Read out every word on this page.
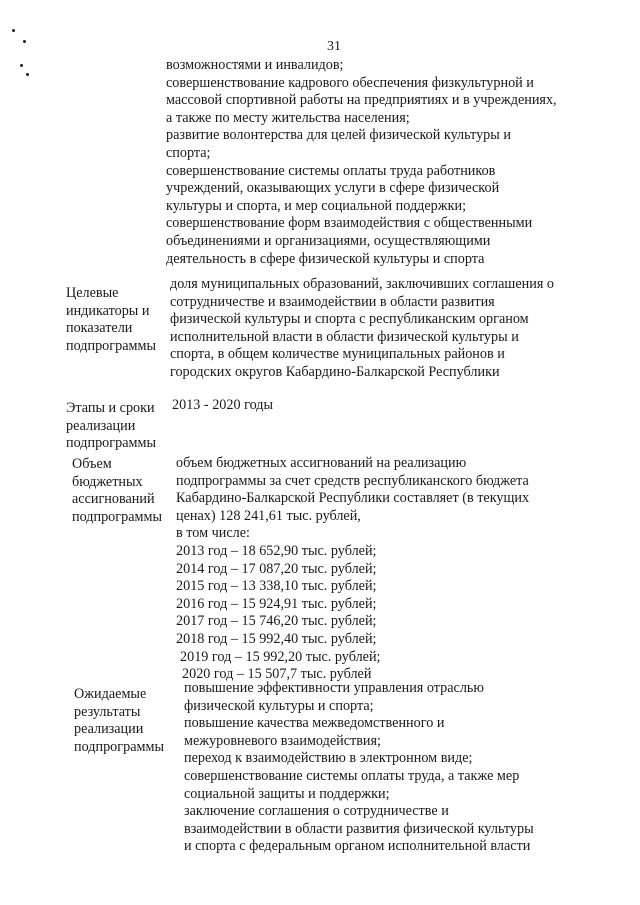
31
возможностями и инвалидов;
совершенствование кадрового обеспечения физкультурной и
массовой спортивной работы на предприятиях и в учреждениях,
а также по месту жительства населения;
развитие волонтерства для целей физической культуры и
спорта;
совершенствование системы оплаты труда работников
учреждений, оказывающих услуги в сфере физической
культуры и спорта, и мер социальной поддержки;
совершенствование форм взаимодействия с общественными
объединениями и организациями, осуществляющими
деятельность в сфере физической культуры и спорта
Целевые
индикаторы и
показатели
подпрограммы
доля муниципальных образований, заключивших соглашения о
сотрудничестве и взаимодействии в области развития
физической культуры и спорта с республиканским органом
исполнительной власти в области физической культуры и
спорта, в общем количестве муниципальных районов и
городских округов Кабардино-Балкарской Республики
Этапы и сроки
реализации
подпрограммы
2013 - 2020 годы
Объем
бюджетных
ассигнований
подпрограммы
объем бюджетных ассигнований на реализацию
подпрограммы за счет средств республиканского бюджета
Кабардино-Балкарской Республики составляет (в текущих
ценах) 128 241,61 тыс. рублей,
в том числе:
2013 год – 18 652,90 тыс. рублей;
2014 год – 17 087,20 тыс. рублей;
2015 год – 13 338,10 тыс. рублей;
2016 год – 15 924,91 тыс. рублей;
2017 год – 15 746,20 тыс. рублей;
2018 год – 15 992,40 тыс. рублей;
2019 год – 15 992,20 тыс. рублей;
2020 год – 15 507,7 тыс. рублей
Ожидаемые
результаты
реализации
подпрограммы
повышение эффективности управления отраслью
физической культуры и спорта;
повышение качества межведомственного и
межуровневого взаимодействия;
переход к взаимодействию в электронном виде;
совершенствование системы оплаты труда, а также мер
социальной защиты и поддержки;
заключение соглашения о сотрудничестве и
взаимодействии в области развития физической культуры
и спорта с федеральным органом исполнительной власти
